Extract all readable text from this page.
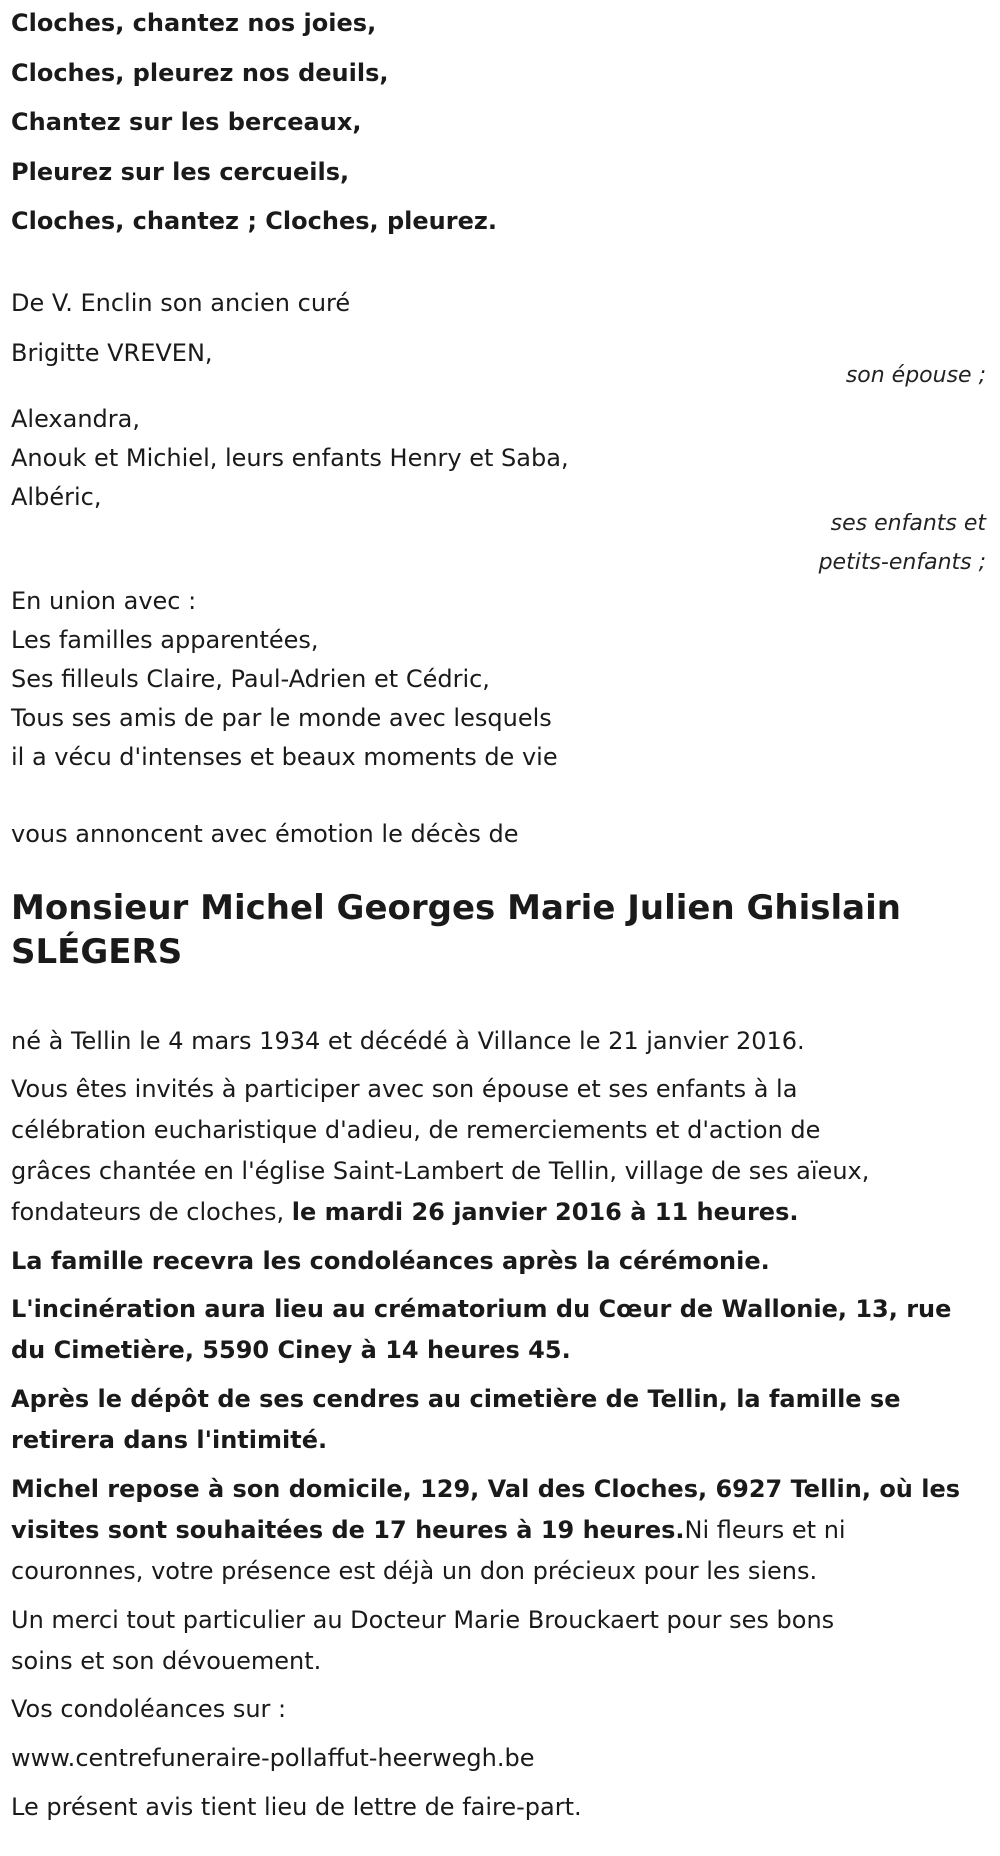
Cloches, chantez nos joies,

Cloches, pleurez nos deuils,

Chantez sur les berceaux,

Pleurez sur les cercueils,

Cloches, chantez ; Cloches, pleurez.

De V. Enclin son ancien curé

Brigitte VREVEN,

son épouse ;

Alexandra,

Anouk et Michiel, leurs enfants Henry et Saba,

Albéric,

ses enfants et
petits-enfants ;

En union avec :

Les familles apparentées,

Ses filleuls Claire, Paul-Adrien et Cédric,

Tous ses amis de par le monde avec lesquels

il a vécu d'intenses et beaux moments de vie

vous annoncent avec émotion le décès de

Monsieur Michel Georges Marie Julien Ghislain

SLÉGERS

né à Tellin le 4 mars 1934 et décédé à Villance le 21 janvier 2016.

Vous êtes invités à participer avec son épouse et ses enfants à la

célébration eucharistique d'adieu, de remerciements et d'action de

grâces chantée en l'église Saint-Lambert de Tellin, village de ses aïeux,

fondateurs de cloches, le mardi 26 janvier 2016 à 11 heures.

La famille recevra les condoléances après la cérémonie.

L'incinération aura lieu au crématorium du Cœur de Wallonie, 13, rue

du Cimetière, 5590 Ciney à 14 heures 45.

Après le dépôt de ses cendres au cimetière de Tellin, la famille se

retirera dans l'intimité.

Michel repose à son domicile, 129, Val des Cloches, 6927 Tellin, où les

visites sont souhaitées de 17 heures à 19 heures.Ni fleurs et ni

couronnes, votre présence est déjà un don précieux pour les siens.

Un merci tout particulier au Docteur Marie Brouckaert pour ses bons

soins et son dévouement.

Vos condoléances sur :

www.centrefuneraire-pollaffut-heerwegh.be

Le présent avis tient lieu de lettre de faire-part.
